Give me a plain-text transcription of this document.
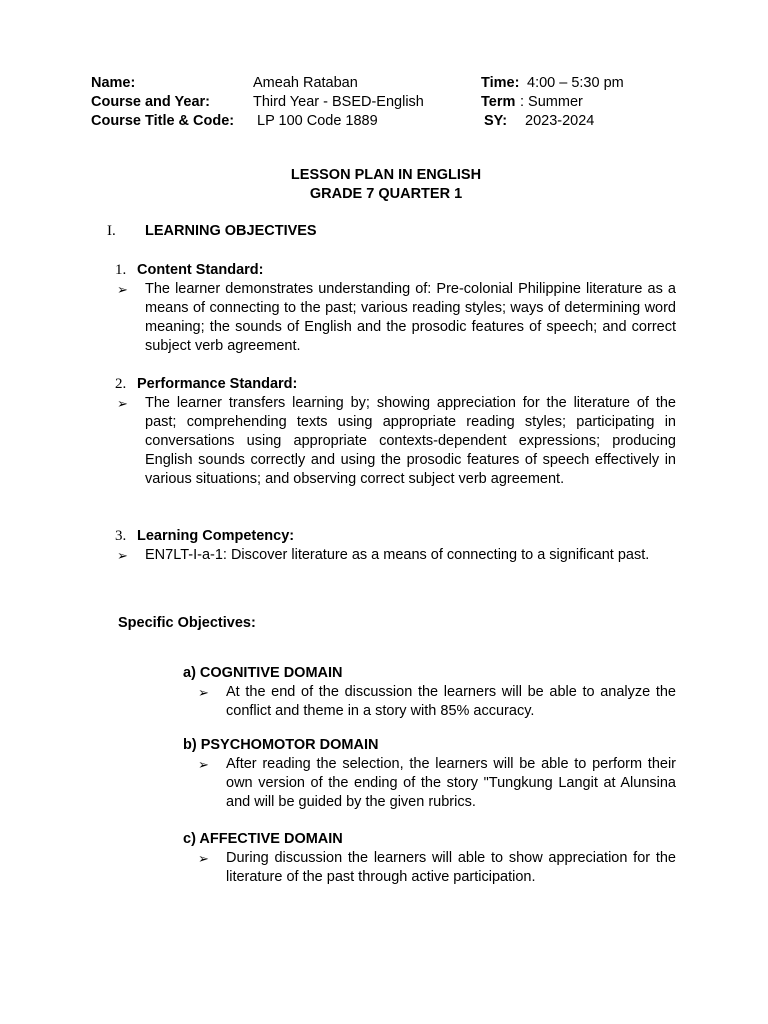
Name:	Ameah Rataban	Time: 4:00 – 5:30 pm
Course and Year:	Third Year - BSED-English	Term : Summer
Course Title & Code: LP 100 Code 1889	SY: 2023-2024
LESSON PLAN IN ENGLISH
GRADE 7 QUARTER 1
I. LEARNING OBJECTIVES
1. Content Standard:
➢ The learner demonstrates understanding of: Pre-colonial Philippine literature as a means of connecting to the past; various reading styles; ways of determining word meaning; the sounds of English and the prosodic features of speech; and correct subject verb agreement.
2. Performance Standard:
➢ The learner transfers learning by; showing appreciation for the literature of the past; comprehending texts using appropriate reading styles; participating in conversations using appropriate contexts-dependent expressions; producing English sounds correctly and using the prosodic features of speech effectively in various situations; and observing correct subject verb agreement.
3. Learning Competency:
➢ EN7LT-I-a-1: Discover literature as a means of connecting to a significant past.
Specific Objectives:
a) COGNITIVE DOMAIN
➢ At the end of the discussion the learners will be able to analyze the conflict and theme in a story with 85% accuracy.
b) PSYCHOMOTOR DOMAIN
➢ After reading the selection, the learners will be able to perform their own version of the ending of the story "Tungkung Langit at Alunsina and will be guided by the given rubrics.
c) AFFECTIVE DOMAIN
➢ During discussion the learners will able to show appreciation for the literature of the past through active participation.
